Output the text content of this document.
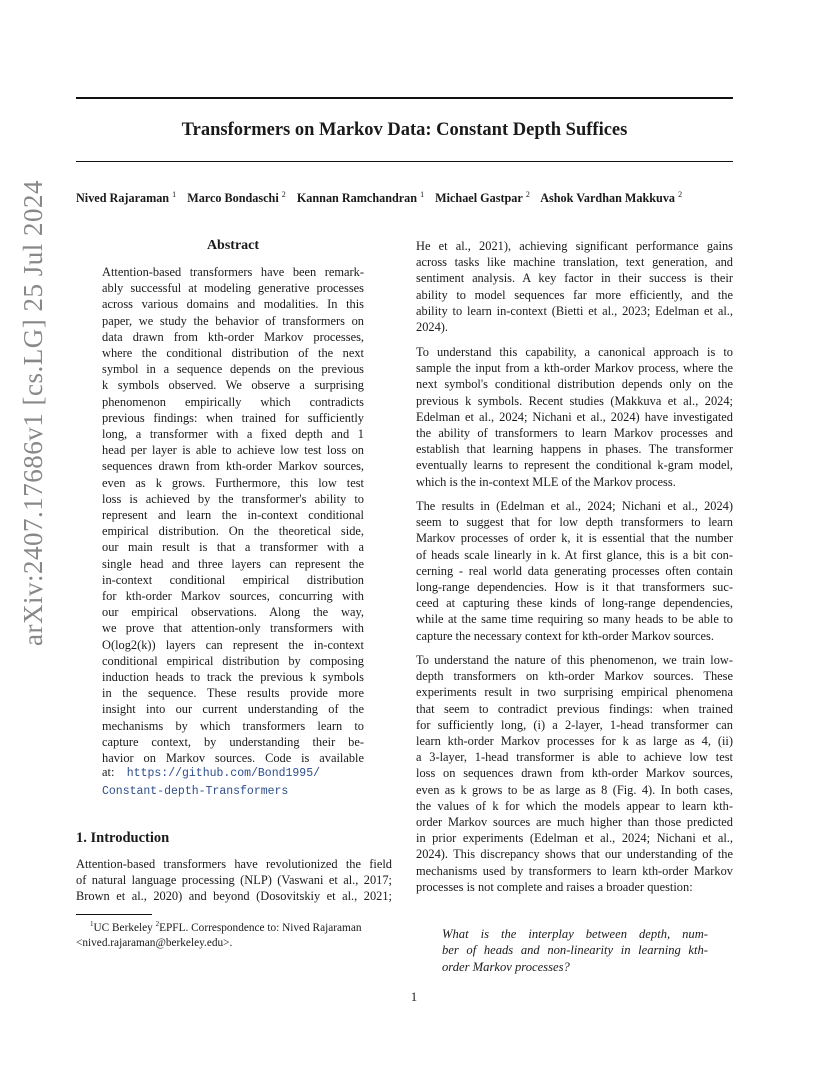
arXiv:2407.17686v1 [cs.LG] 25 Jul 2024
Transformers on Markov Data: Constant Depth Suffices
Nived Rajaraman $^1$ Marco Bondaschi $^2$ Kannan Ramchandran $^1$ Michael Gastpar $^2$ Ashok Vardhan Makkuva $^2$
Abstract
Attention-based transformers have been remark-
ably successful at modeling generative processes
across various domains and modalities. In this
paper, we study the behavior of transformers on
data drawn from kth-order Markov processes,
where the conditional distribution of the next
symbol in a sequence depends on the previous
k symbols observed. We observe a surprising
phenomenon empirically which contradicts
previous findings: when trained for sufficiently
long, a transformer with a fixed depth and 1
head per layer is able to achieve low test loss on
sequences drawn from kth-order Markov sources,
even as k grows. Furthermore, this low test
loss is achieved by the transformer's ability to
represent and learn the in-context conditional
empirical distribution. On the theoretical side,
our main result is that a transformer with a
single head and three layers can represent the
in-context conditional empirical distribution
for kth-order Markov sources, concurring with
our empirical observations. Along the way,
we prove that attention-only transformers with
O(log2(k)) layers can represent the in-context
conditional empirical distribution by composing
induction heads to track the previous k symbols
in the sequence. These results provide more
insight into our current understanding of the
mechanisms by which transformers learn to
capture context, by understanding their be-
havior on Markov sources. Code is available
at: https://github.com/Bond1995/
Constant-depth-Transformers
1. Introduction
Attention-based transformers have revolutionized the field
of natural language processing (NLP) (Vaswani et al., 2017;
Brown et al., 2020) and beyond (Dosovitskiy et al., 2021;
$^1$UC Berkeley $^2$EPFL. Correspondence to: Nived Rajaraman
<nived.rajaraman@berkeley.edu>.
He et al., 2021), achieving significant performance gains
across tasks like machine translation, text generation, and
sentiment analysis. A key factor in their success is their
ability to model sequences far more efficiently, and the
ability to learn in-context (Bietti et al., 2023; Edelman et al.,
2024).
To understand this capability, a canonical approach is to
sample the input from a kth-order Markov process, where the
next symbol's conditional distribution depends only on the
previous k symbols. Recent studies (Makkuva et al., 2024;
Edelman et al., 2024; Nichani et al., 2024) have investigated
the ability of transformers to learn Markov processes and
establish that learning happens in phases. The transformer
eventually learns to represent the conditional k-gram model,
which is the in-context MLE of the Markov process.
The results in (Edelman et al., 2024; Nichani et al., 2024)
seem to suggest that for low depth transformers to learn
Markov processes of order k, it is essential that the number
of heads scale linearly in k. At first glance, this is a bit con-
cerning - real world data generating processes often contain
long-range dependencies. How is it that transformers suc-
ceed at capturing these kinds of long-range dependencies,
while at the same time requiring so many heads to be able to
capture the necessary context for kth-order Markov sources.
To understand the nature of this phenomenon, we train low-
depth transformers on kth-order Markov sources. These
experiments result in two surprising empirical phenomena
that seem to contradict previous findings: when trained
for sufficiently long, (i) a 2-layer, 1-head transformer can
learn kth-order Markov processes for k as large as 4, (ii)
a 3-layer, 1-head transformer is able to achieve low test
loss on sequences drawn from kth-order Markov sources,
even as k grows to be as large as 8 (Fig. 4). In both cases,
the values of k for which the models appear to learn kth-
order Markov sources are much higher than those predicted
in prior experiments (Edelman et al., 2024; Nichani et al.,
2024). This discrepancy shows that our understanding of the
mechanisms used by transformers to learn kth-order Markov
processes is not complete and raises a broader question:
What is the interplay between depth, num-
ber of heads and non-linearity in learning kth-
order Markov processes?
1
